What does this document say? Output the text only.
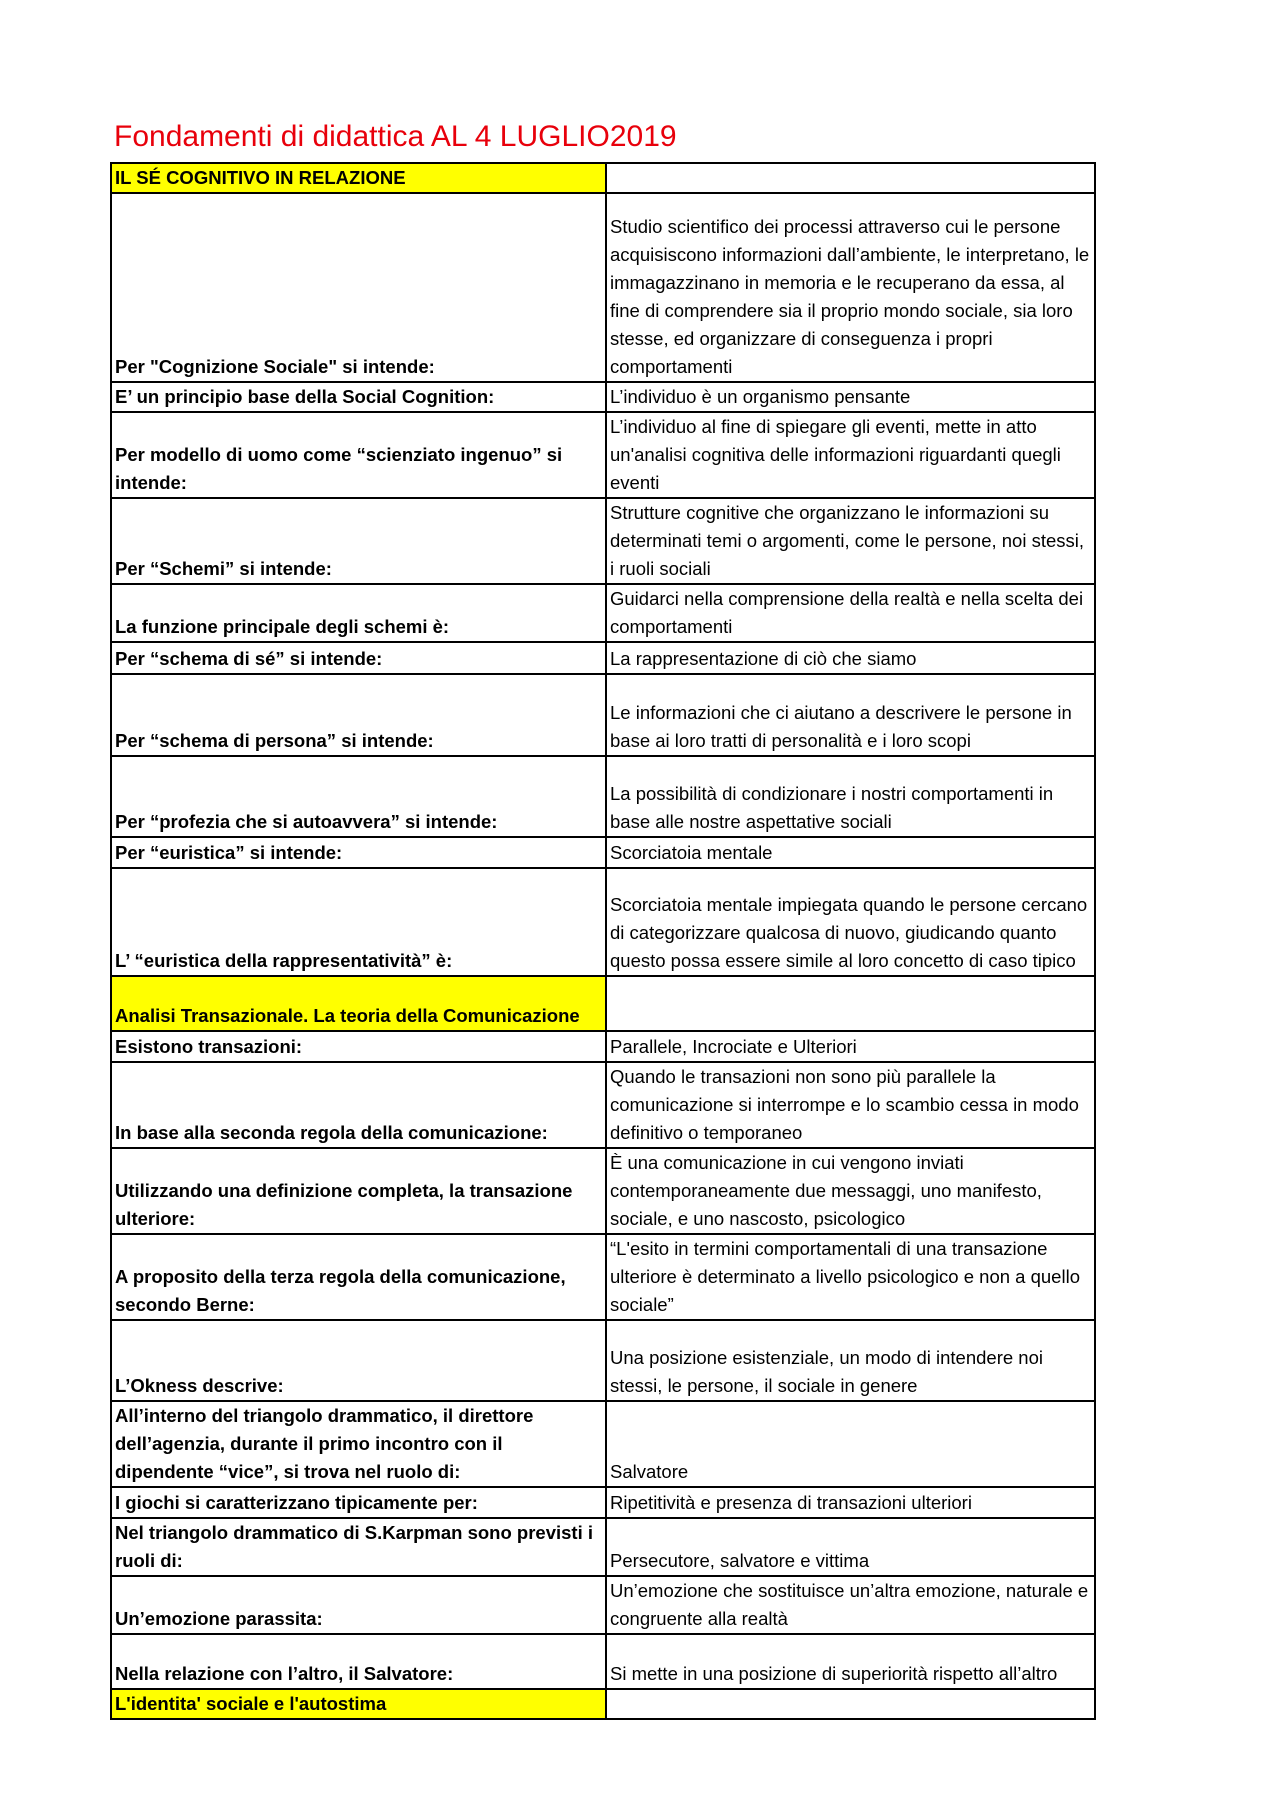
Fondamenti di didattica AL 4 LUGLIO2019
IL SÉ COGNITIVO IN RELAZIONE	
Per "Cognizione Sociale" si intende:	Studio scientifico dei processi attraverso cui le persone acquisiscono informazioni dall’ambiente, le interpretano, le immagazzinano in memoria e le recuperano da essa, al fine di comprendere sia il proprio mondo sociale, sia loro stesse, ed organizzare di conseguenza i propri comportamenti
E’ un principio base della Social Cognition:	L’individuo è un organismo pensante
Per modello di uomo come “scienziato ingenuo” si intende:	L’individuo al fine di spiegare gli eventi, mette in atto un'analisi cognitiva delle informazioni riguardanti quegli eventi
Per “Schemi” si intende:	Strutture cognitive che organizzano le informazioni su determinati temi o argomenti, come le persone, noi stessi, i ruoli sociali
La funzione principale degli schemi è:	Guidarci nella comprensione della realtà e nella scelta dei comportamenti
Per “schema di sé” si intende:	La rappresentazione di ciò che siamo
Per “schema di persona” si intende:	Le informazioni che ci aiutano a descrivere le persone in base ai loro tratti di personalità e i loro scopi
Per “profezia che si autoavvera” si intende:	La possibilità di condizionare i nostri comportamenti in base alle nostre aspettative sociali
Per “euristica” si intende:	Scorciatoia mentale
L’ “euristica della rappresentatività” è:	Scorciatoia mentale impiegata quando le persone cercano di categorizzare qualcosa di nuovo, giudicando quanto questo possa essere simile al loro concetto di caso tipico
Analisi Transazionale. La teoria della Comunicazione	
Esistono transazioni:	Parallele, Incrociate e Ulteriori
In base alla seconda regola della comunicazione:	Quando le transazioni non sono più parallele la comunicazione si interrompe e lo scambio cessa in modo definitivo o temporaneo
Utilizzando una definizione completa, la transazione ulteriore:	È una comunicazione in cui vengono inviati contemporaneamente due messaggi, uno manifesto, sociale, e uno nascosto, psicologico
A proposito della terza regola della comunicazione, secondo Berne:	“L'esito in termini comportamentali di una transazione ulteriore è determinato a livello psicologico e non a quello sociale”
L’Okness descrive:	Una posizione esistenziale, un modo di intendere noi stessi, le persone, il sociale in genere
All’interno del triangolo drammatico, il direttore dell’agenzia, durante il primo incontro con il dipendente “vice”, si trova nel ruolo di:	Salvatore
I giochi si caratterizzano tipicamente per:	Ripetitività e presenza di transazioni ulteriori
Nel triangolo drammatico di S.Karpman sono previsti i ruoli di:	Persecutore, salvatore e vittima
Un’emozione parassita:	Un’emozione che sostituisce un’altra emozione, naturale e congruente alla realtà
Nella relazione con l’altro, il Salvatore:	Si mette in una posizione di superiorità rispetto all’altro
L'identita' sociale e l'autostima	
